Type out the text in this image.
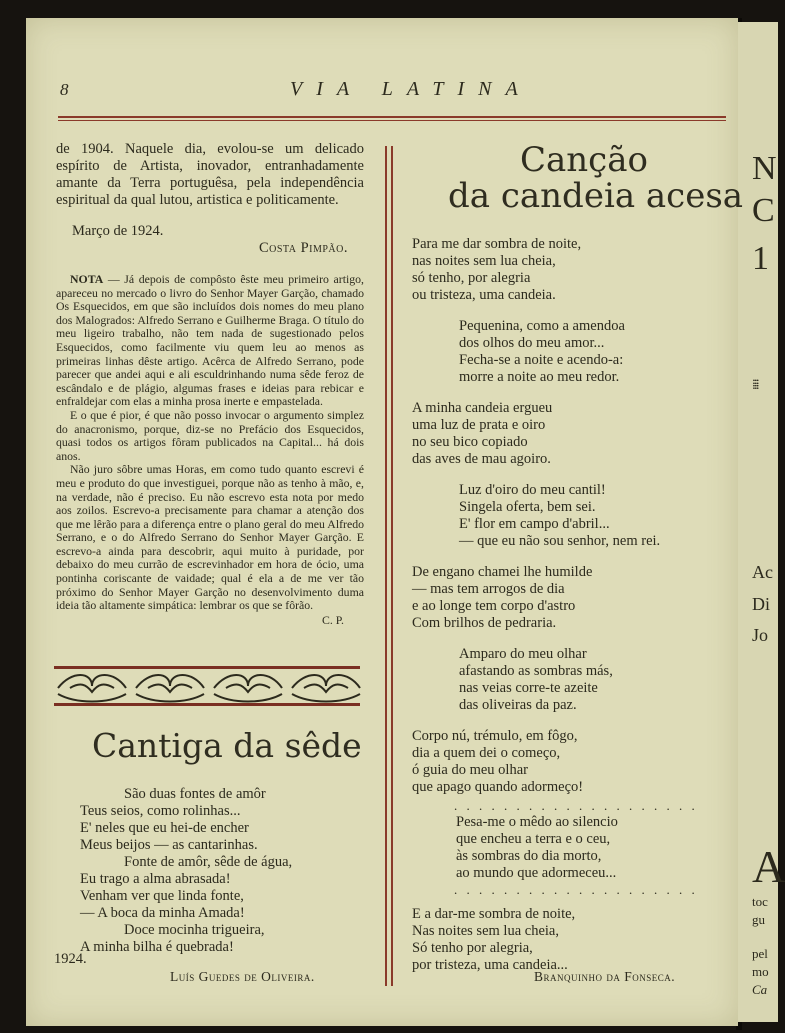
N
C
1
⁞⁞⁞
Ac
Di
Jo
A
toc
gu
pel
mo
Ca
8	VIA LATINA

de 1904. Naquele dia, evolou-se um delicado espírito de Artista, inovador, entranhadamente amante da Terra portuguêsa, pela independência espiritual da qual lutou, artistica e politicamente.

Março de 1924.
Costa Pimpão.

NOTA — Já depois de compôsto êste meu primeiro artigo, apareceu no mercado o livro do Senhor Mayer Garção, chamado Os Esquecidos, em que são incluídos dois nomes do meu plano dos Malogrados: Alfredo Serrano e Guilherme Braga. O título do meu ligeiro trabalho, não tem nada de sugestionado pelos Esquecidos, como facilmente viu quem leu ao menos as primeiras linhas dêste artigo. Acêrca de Alfredo Serrano, pode parecer que andei aqui e ali esculdrinhando numa sêde feroz de escândalo e de plágio, algumas frases e ideias para rebicar e enfraldejar com elas a minha prosa inerte e empastelada.

E o que é pior, é que não posso invocar o argumento simplez do anacronismo, porque, diz-se no Prefácio dos Esquecidos, quasi todos os artigos fôram publicados na Capital... há dois anos.

Não juro sôbre umas Horas, em como tudo quanto escrevi é meu e produto do que investiguei, porque não as tenho à mão, e, na verdade, não é preciso. Eu não escrevo esta nota por medo aos zoilos. Escrevo-a precisamente para chamar a atenção dos que me lêrão para a diferença entre o plano geral do meu Alfredo Serrano, e o do Alfredo Serrano do Senhor Mayer Garção. E escrevo-a ainda para descobrir, aqui muito à puridade, por debaixo do meu currão de escrevinhador em hora de ócio, uma pontinha coriscante de vaidade; qual é ela a de me ver tão próximo do Senhor Mayer Garção no desenvolvimento duma ideia tão altamente simpática: lembrar os que se fôrão.

C. P.
Cantiga da sêde
São duas fontes de amôr
Teus seios, como rolinhas...
E' neles que eu hei-de encher
Meus beijos — as cantarinhas.
Fonte de amôr, sêde de água,
Eu trago a alma abrasada!
Venham ver que linda fonte,
— A boca da minha Amada!
Doce mocinha trigueira,
A minha bilha é quebrada!
1924.
Luís Guedes de Oliveira.
Canção
da candeia acesa
Para me dar sombra de noite,
nas noites sem lua cheia,
só tenho, por alegria
ou tristeza, uma candeia.
Pequenina, como a amendoa
dos olhos do meu amor...
Fecha-se a noite e acendo-a:
morre a noite ao meu redor.
A minha candeia ergueu
uma luz de prata e oiro
no seu bico copiado
das aves de mau agoiro.
Luz d'oiro do meu cantil!
Singela oferta, bem sei.
E' flor em campo d'abril...
— que eu não sou senhor, nem rei.
De engano chamei lhe humilde
— mas tem arrogos de dia
e ao longe tem corpo d'astro
Com brilhos de pedraria.
Amparo do meu olhar
afastando as sombras más,
nas veias corre-te azeite
das oliveiras da paz.
Corpo nú, trémulo, em fôgo,
dia a quem dei o começo,
ó guia do meu olhar
que apago quando adormeço!
. . . . . . . . . . . . . . . . . . . .
Pesa-me o mêdo ao silencio
que encheu a terra e o ceu,
às sombras do dia morto,
ao mundo que adormeceu...
. . . . . . . . . . . . . . . . . . . .
E a dar-me sombra de noite,
Nas noites sem lua cheia,
Só tenho por alegria,
por tristeza, uma candeia...
Branquinho da Fonseca.
